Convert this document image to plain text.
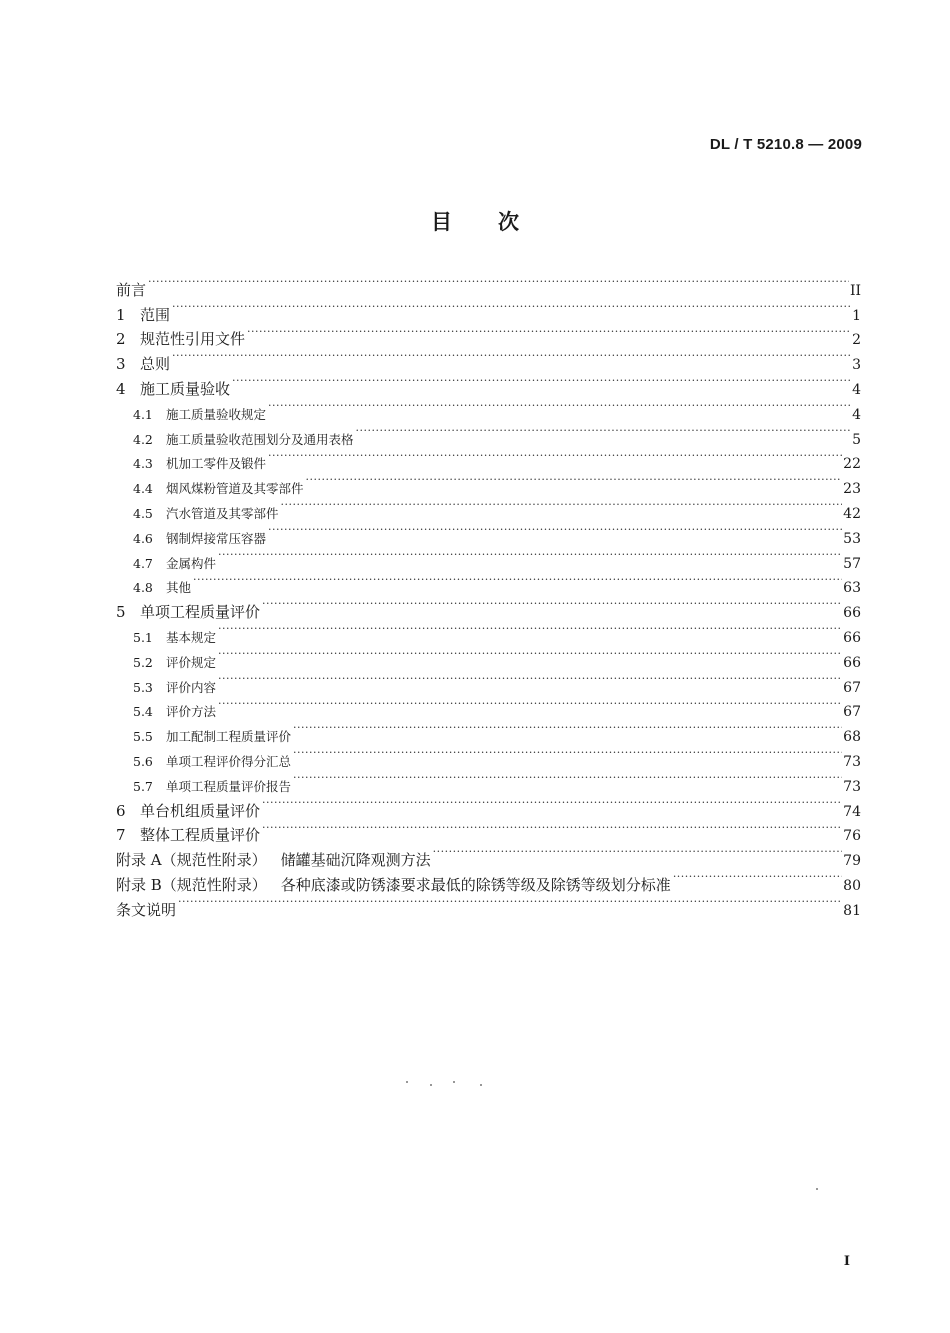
DL / T 5210.8 — 2009
目 次
前言 ·····	II
1 范围 ·····	1
2 规范性引用文件 ·····	2
3 总则 ·····	3
4 施工质量验收 ·····	4
4.1	施工质量验收规定 ·····	4
4.2	施工质量验收范围划分及通用表格 ·····	5
4.3	机加工零件及锻件 ·····	22
4.4	烟风煤粉管道及其零部件 ·····	23
4.5	汽水管道及其零部件 ·····	42
4.6	钢制焊接常压容器 ·····	53
4.7	金属构件 ·····	57
4.8	其他 ·····	63
5 单项工程质量评价 ·····	66
5.1	基本规定 ·····	66
5.2	评价规定 ·····	66
5.3	评价内容 ·····	67
5.4	评价方法 ·····	67
5.5	加工配制工程质量评价 ·····	68
5.6	单项工程评价得分汇总 ·····	73
5.7	单项工程质量评价报告 ·····	73
6 单台机组质量评价 ·····	74
7 整体工程质量评价 ·····	76
附录 A（规范性附录） 储罐基础沉降观测方法 ·····	79
附录 B（规范性附录） 各种底漆或防锈漆要求最低的除锈等级及除锈等级划分标准 ·····	80
条文说明 ·····	81
I
